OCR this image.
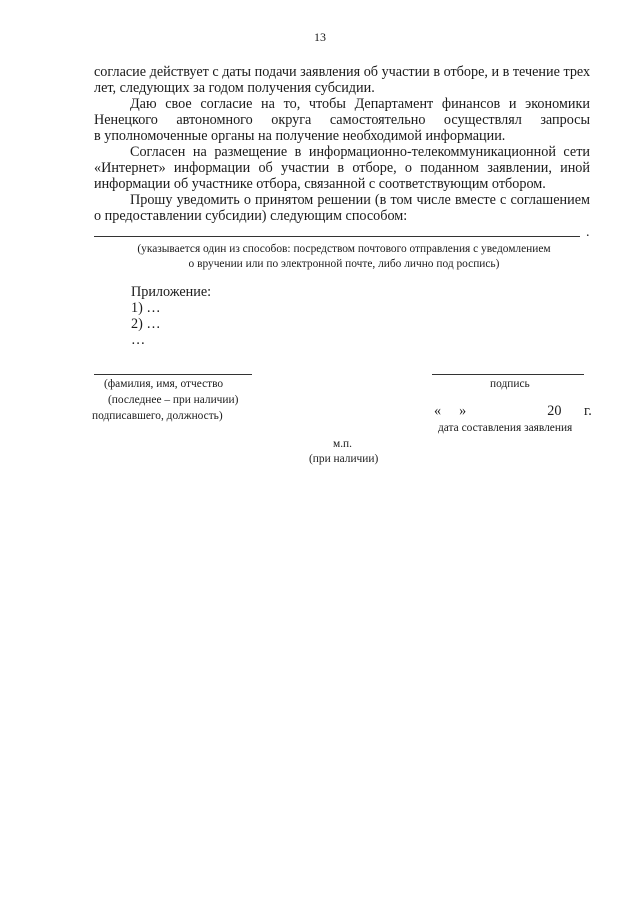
13

согласие действует с даты подачи заявления об участии в отборе, и в течение трех
лет, следующих за годом получения субсидии.

Даю свое согласие на то, чтобы Департамент финансов и экономики
Ненецкого автономного округа самостоятельно осуществлял запросы
в уполномоченные органы на получение необходимой информации.

Согласен на размещение в информационно-телекоммуникационной сети
«Интернет» информации об участии в отборе, о поданном заявлении, иной
информации об участнике отбора, связанной с соответствующим отбором.

Прошу уведомить о принятом решении (в том числе вместе с соглашением
о предоставлении субсидии) следующим способом:

.
(указывается один из способов: посредством почтового отправления с уведомлением
о вручении или по электронной почте, либо лично под роспись)
Приложение:
1) …
2) …
…
(фамилия, имя, отчество
(последнее – при наличии)
подписавшего, должность)
подпись
« »	20 г.
дата составления заявления
м.п.
(при наличии)
